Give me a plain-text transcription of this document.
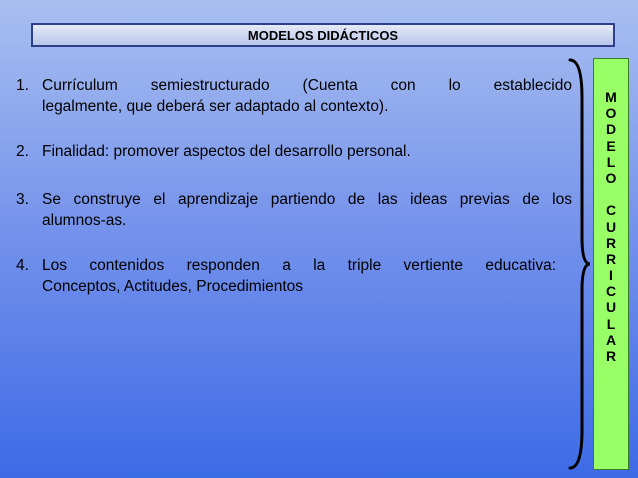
MODELOS DIDÁCTICOS
1. Currículum semiestructurado (Cuenta con lo establecido
legalmente, que deberá ser adaptado al contexto).
2. Finalidad: promover aspectos del desarrollo personal.
3. Se construye el aprendizaje partiendo de las ideas previas de los
alumnos-as.
4. Los contenidos responden a la triple vertiente educativa:
Conceptos, Actitudes, Procedimientos
M
O
D
E
L
O
C
U
R
R
I
C
U
L
A
R
